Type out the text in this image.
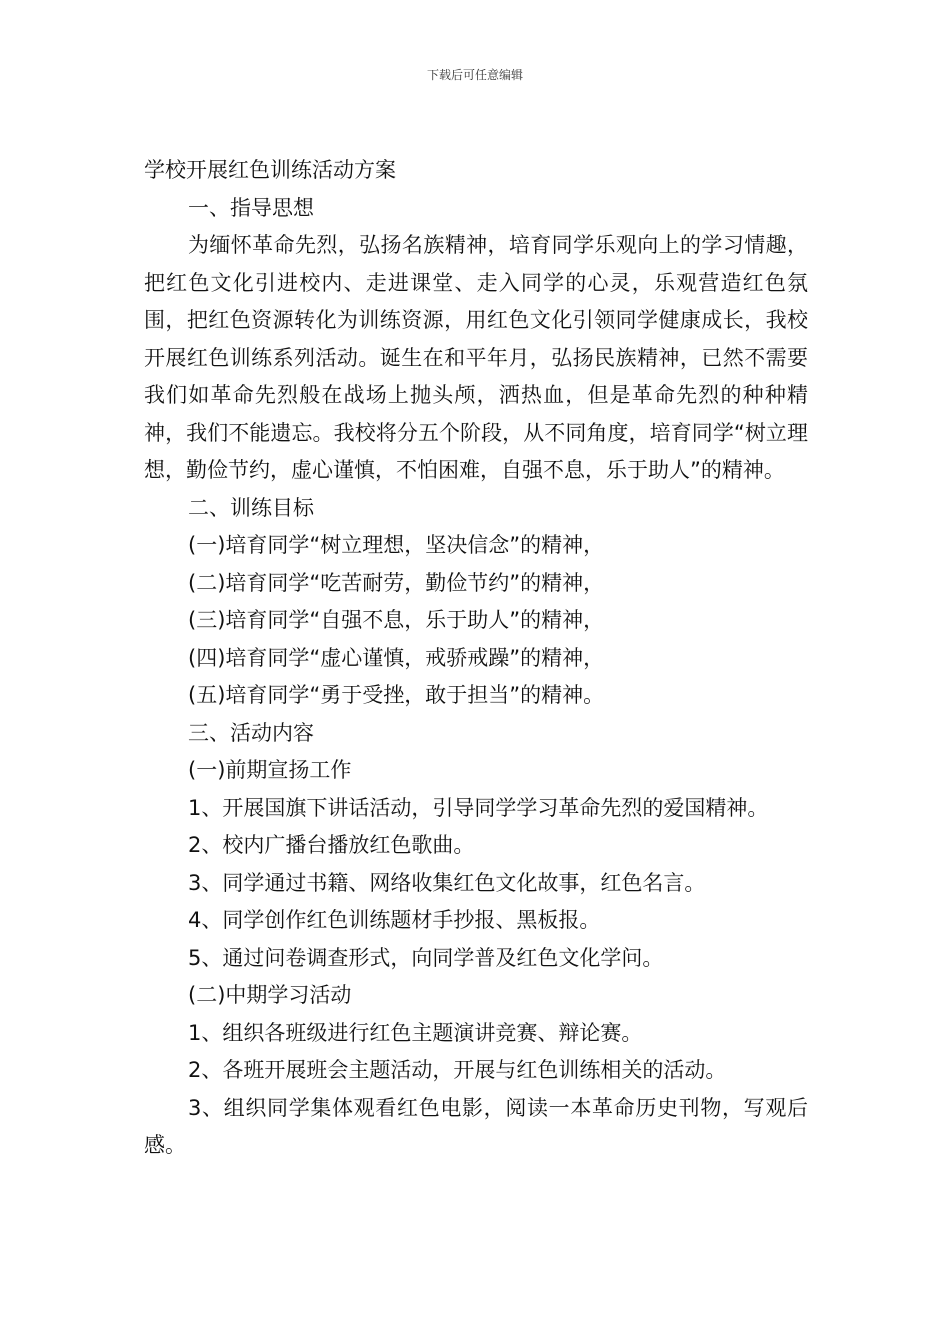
下载后可任意编辑

学校开展红色训练活动方案

一、指导思想

为缅怀革命先烈，弘扬名族精神，培育同学乐观向上的学习情趣，把红色文化引进校内、走进课堂、走入同学的心灵，乐观营造红色氛围，把红色资源转化为训练资源，用红色文化引领同学健康成长，我校开展红色训练系列活动。诞生在和平年月，弘扬民族精神，已然不需要我们如革命先烈般在战场上抛头颅，洒热血，但是革命先烈的种种精神，我们不能遗忘。我校将分五个阶段，从不同角度，培育同学“树立理想，勤俭节约，虚心谨慎，不怕困难，自强不息，乐于助人”的精神。

二、训练目标

(一)培育同学“树立理想，坚决信念”的精神，

(二)培育同学“吃苦耐劳，勤俭节约”的精神，

(三)培育同学“自强不息，乐于助人”的精神，

(四)培育同学“虚心谨慎，戒骄戒躁”的精神，

(五)培育同学“勇于受挫，敢于担当”的精神。

三、活动内容

(一)前期宣扬工作

1、开展国旗下讲话活动，引导同学学习革命先烈的爱国精神。

2、校内广播台播放红色歌曲。

3、同学通过书籍、网络收集红色文化故事，红色名言。

4、同学创作红色训练题材手抄报、黑板报。

5、通过问卷调查形式，向同学普及红色文化学问。

(二)中期学习活动

1、组织各班级进行红色主题演讲竞赛、辩论赛。

2、各班开展班会主题活动，开展与红色训练相关的活动。

3、组织同学集体观看红色电影，阅读一本革命历史刊物，写观后感。
